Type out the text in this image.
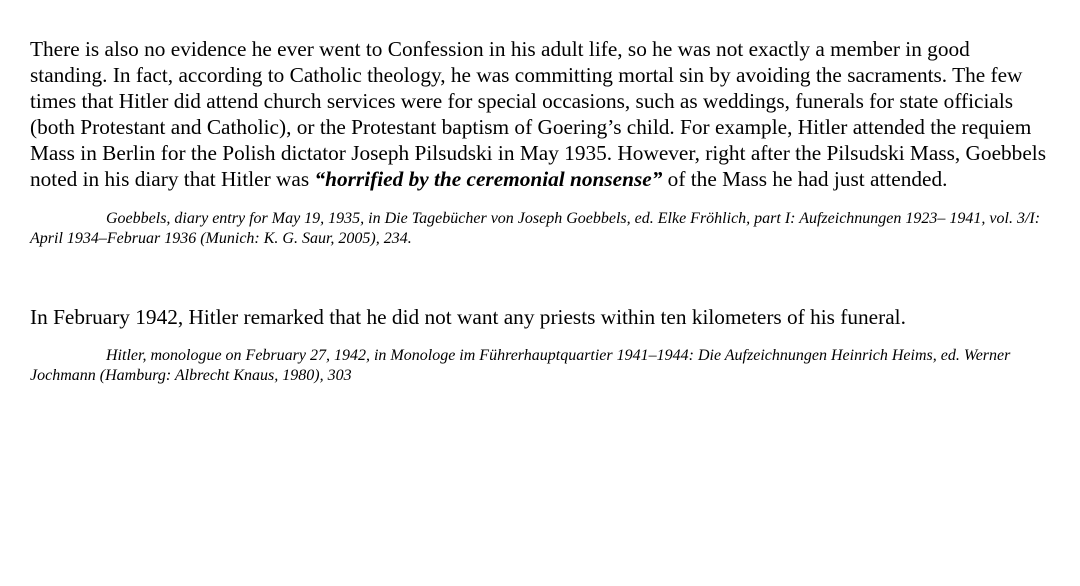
There is also no evidence he ever went to Confession in his adult life, so he was not exactly a member in good standing. In fact, according to Catholic theology, he was committing mortal sin by avoiding the sacraments. The few times that Hitler did attend church services were for special occasions, such as weddings, funerals for state officials (both Protestant and Catholic), or the Protestant baptism of Goering’s child. For example, Hitler attended the requiem Mass in Berlin for the Polish dictator Joseph Pilsudski in May 1935. However, right after the Pilsudski Mass, Goebbels noted in his diary that Hitler was “horrified by the ceremonial nonsense” of the Mass he had just attended.

Goebbels, diary entry for May 19, 1935, in Die Tagebücher von Joseph Goebbels, ed. Elke Fröhlich, part I: Aufzeichnungen 1923– 1941, vol. 3/I: April 1934–Februar 1936 (Munich: K. G. Saur, 2005), 234.

In February 1942, Hitler remarked that he did not want any priests within ten kilometers of his funeral.

Hitler, monologue on February 27, 1942, in Monologe im Führerhauptquartier 1941–1944: Die Aufzeichnungen Heinrich Heims, ed. Werner Jochmann (Hamburg: Albrecht Knaus, 1980), 303
